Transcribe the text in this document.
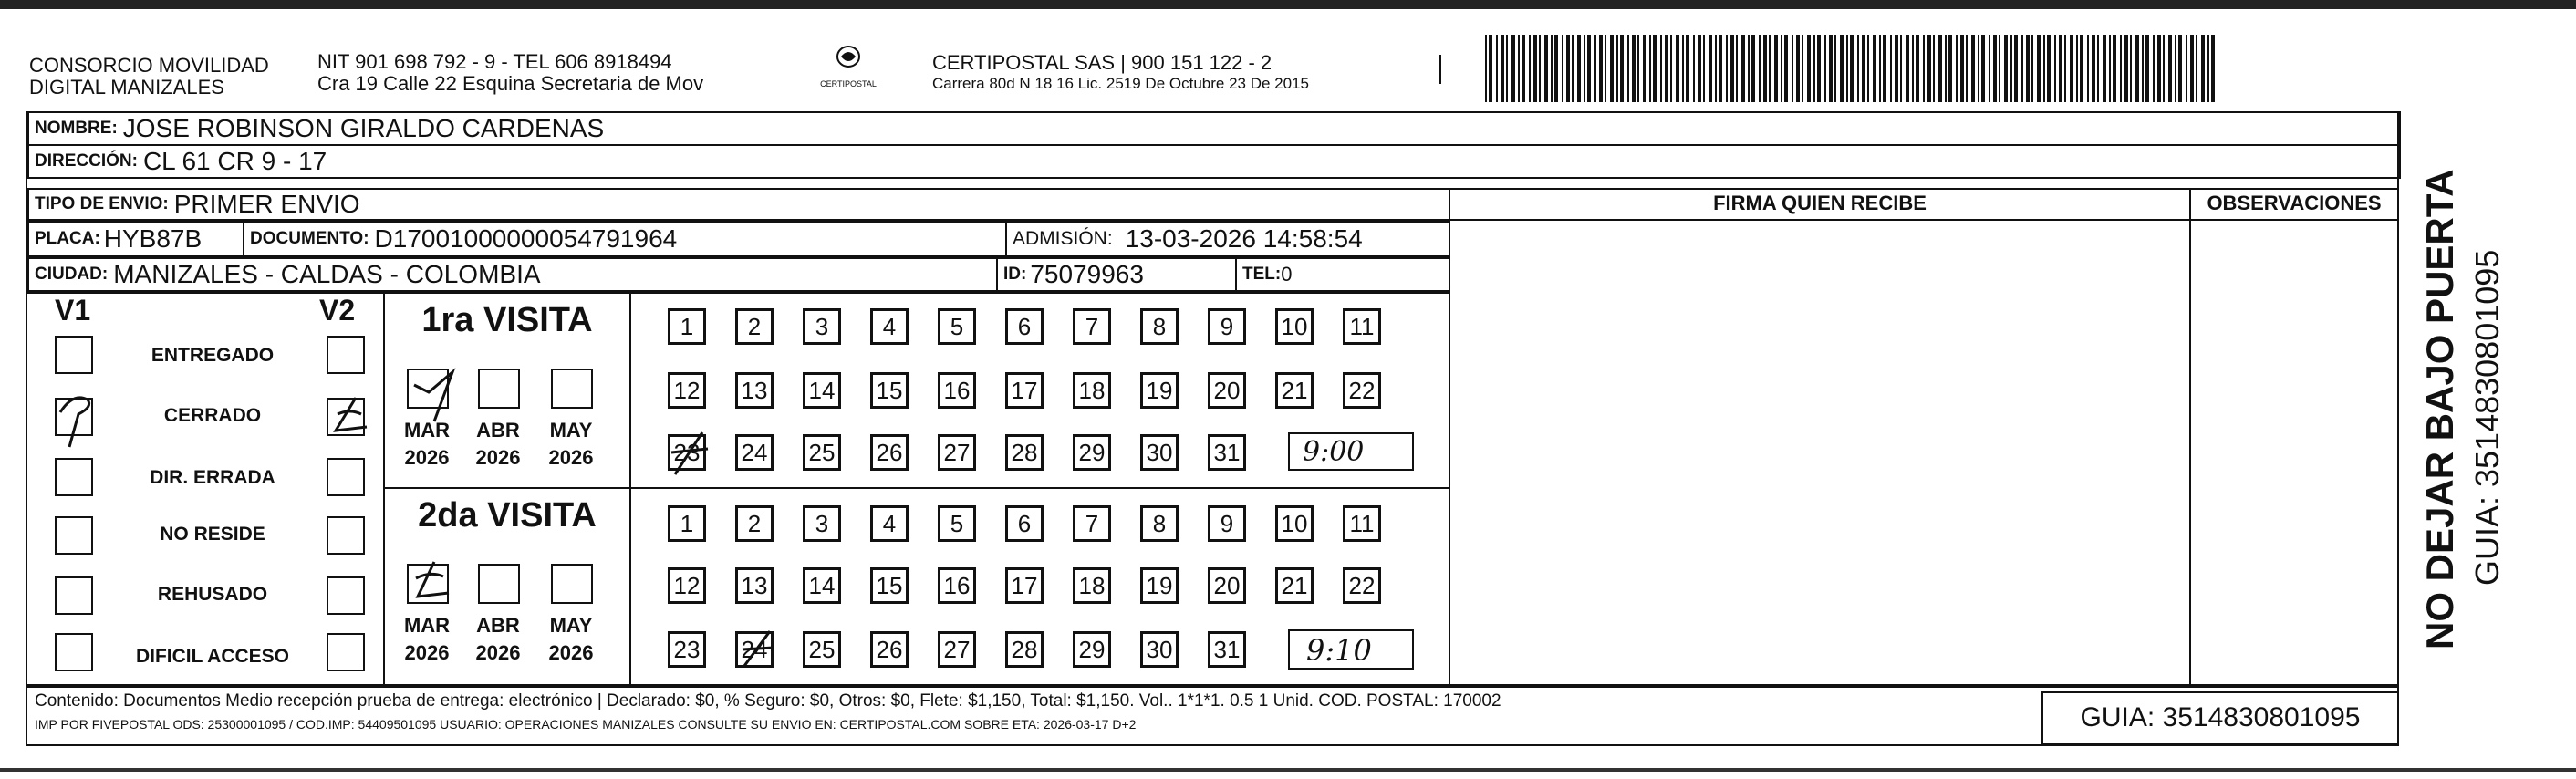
CONSORCIO MOVILIDAD
DIGITAL MANIZALES
NIT 901 698 792 - 9 - TEL 606 8918494
Cra 19 Calle 22 Esquina Secretaria de Mov	CERTIPOSTAL
CERTIPOSTAL SAS | 900 151 122 - 2
Carrera 80d N 18 16 Lic. 2519 De Octubre 23 De 2015
NOMBRE: JOSE ROBINSON GIRALDO CARDENAS
DIRECCIÓN: CL 61 CR 9 - 17
TIPO DE ENVIO: PRIMER ENVIO
PLACA: HYB87B	DOCUMENTO: D17001000000054791964	ADMISIÓN: 13-03-2026 14:58:54
CIUDAD: MANIZALES - CALDAS - COLOMBIA	ID: 75079963	TEL: 0
FIRMA QUIEN RECIBE	OBSERVACIONES
V1	V2
ENTREGADO
CERRADO
DIR. ERRADA
NO RESIDE
REHUSADO
DIFICIL ACCESO
1ra VISITA
MAR ABR MAY
2026 2026 2026
2da VISITA
MAR ABR MAY
2026 2026 2026
1	2	3	4	5	6	7	8	9	10 11
12 13 14 15 16 17 18 19 20 21 22
23 24 25 26 27 28 29 30 31
1	2	3	4	5	6	7	8	9	10 11
12 13 14 15 16 17 18 19 20 21 22
23 24 25 26 27 28 29 30 31
9:00
9:10
Contenido: Documentos Medio recepción prueba de entrega: electrónico | Declarado: $0, % Seguro: $0, Otros: $0, Flete: $1,150, Total: $1,150. Vol.. 1*1*1. 0.5 1 Unid. COD. POSTAL: 170002
IMP POR FIVEPOSTAL ODS: 25300001095 / COD.IMP: 54409501095 USUARIO: OPERACIONES MANIZALES CONSULTE SU ENVIO EN: CERTIPOSTAL.COM SOBRE ETA: 2026-03-17 D+2	GUIA: 3514830801095
NO DEJAR BAJO PUERTA GUIA: 3514830801095
